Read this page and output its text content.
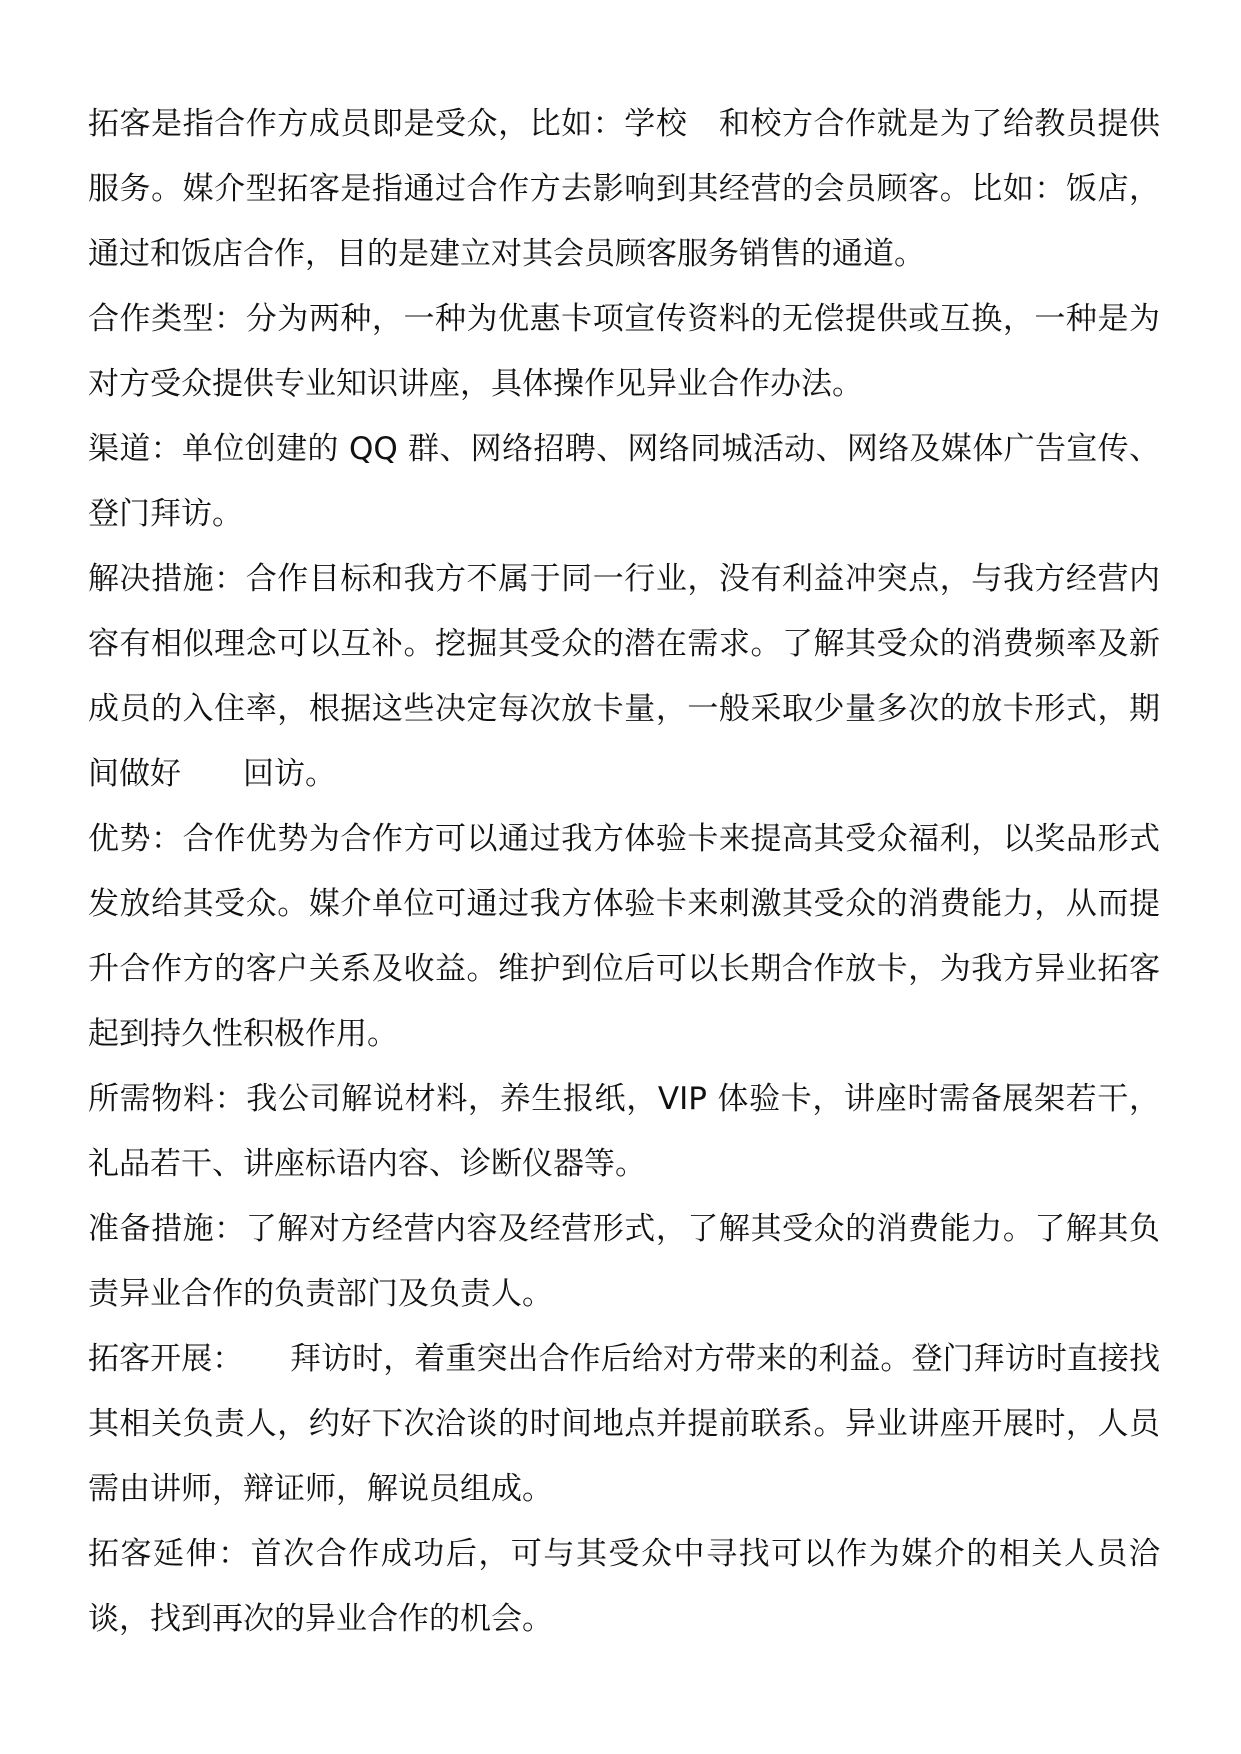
拓客是指合作方成员即是受众，比如：学校　和校方合作就是为了给教员提供服务。媒介型拓客是指通过合作方去影响到其经营的会员顾客。比如：饭店，通过和饭店合作，目的是建立对其会员顾客服务销售的通道。

合作类型：分为两种，一种为优惠卡项宣传资料的无偿提供或互换，一种是为对方受众提供专业知识讲座，具体操作见异业合作办法。

渠道：单位创建的 QQ 群、网络招聘、网络同城活动、网络及媒体广告宣传、登门拜访。

解决措施：合作目标和我方不属于同一行业，没有利益冲突点，与我方经营内容有相似理念可以互补。挖掘其受众的潜在需求。了解其受众的消费频率及新成员的入住率，根据这些决定每次放卡量，一般采取少量多次的放卡形式，期间做好　　回访。

优势：合作优势为合作方可以通过我方体验卡来提高其受众福利，以奖品形式发放给其受众。媒介单位可通过我方体验卡来刺激其受众的消费能力，从而提升合作方的客户关系及收益。维护到位后可以长期合作放卡，为我方异业拓客起到持久性积极作用。

所需物料：我公司解说材料，养生报纸，VIP 体验卡，讲座时需备展架若干，礼品若干、讲座标语内容、诊断仪器等。

准备措施：了解对方经营内容及经营形式，了解其受众的消费能力。了解其负责异业合作的负责部门及负责人。

拓客开展：　　拜访时，着重突出合作后给对方带来的利益。登门拜访时直接找其相关负责人，约好下次洽谈的时间地点并提前联系。异业讲座开展时，人员需由讲师，辩证师，解说员组成。

拓客延伸：首次合作成功后，可与其受众中寻找可以作为媒介的相关人员洽谈，找到再次的异业合作的机会。
